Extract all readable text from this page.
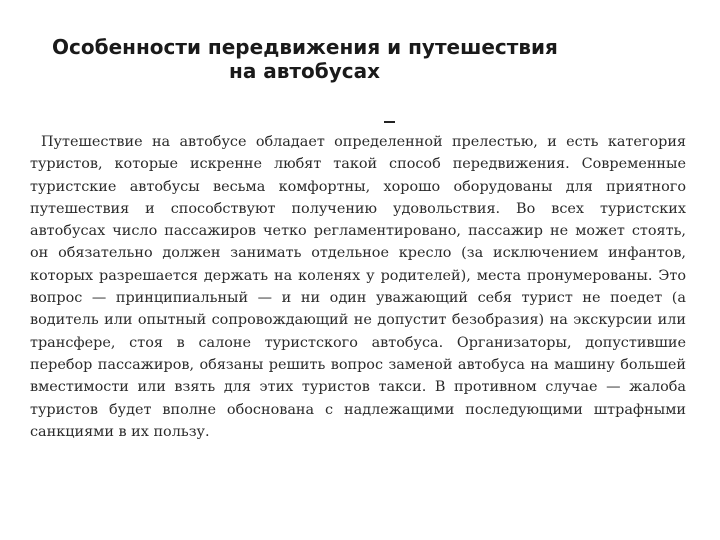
Особенности передвижения и путешествия
на автобусах

Путешествие на автобусе обладает определенной прелестью, и есть категория туристов, которые искренне любят такой способ передвижения. Современные туристские автобусы весьма комфортны, хорошо оборудованы для приятного путешествия и способствуют получению удовольствия. Во всех туристских автобусах число пассажиров четко регламентировано, пассажир не может стоять, он обязательно должен занимать отдельное кресло (за исключением инфантов, которых разрешается держать на коленях у родителей), места пронумерованы. Это вопрос — принципиальный — и ни один уважающий себя турист не поедет (а водитель или опытный сопровождающий не допустит безобразия) на экскурсии или трансфере, стоя в салоне туристского автобуса. Организаторы, допустившие перебор пассажиров, обязаны решить вопрос заменой автобуса на машину большей вместимости или взять для этих туристов такси. В противном случае — жалоба туристов будет вполне обоснована с надлежащими последующими штрафными санкциями в их пользу.
